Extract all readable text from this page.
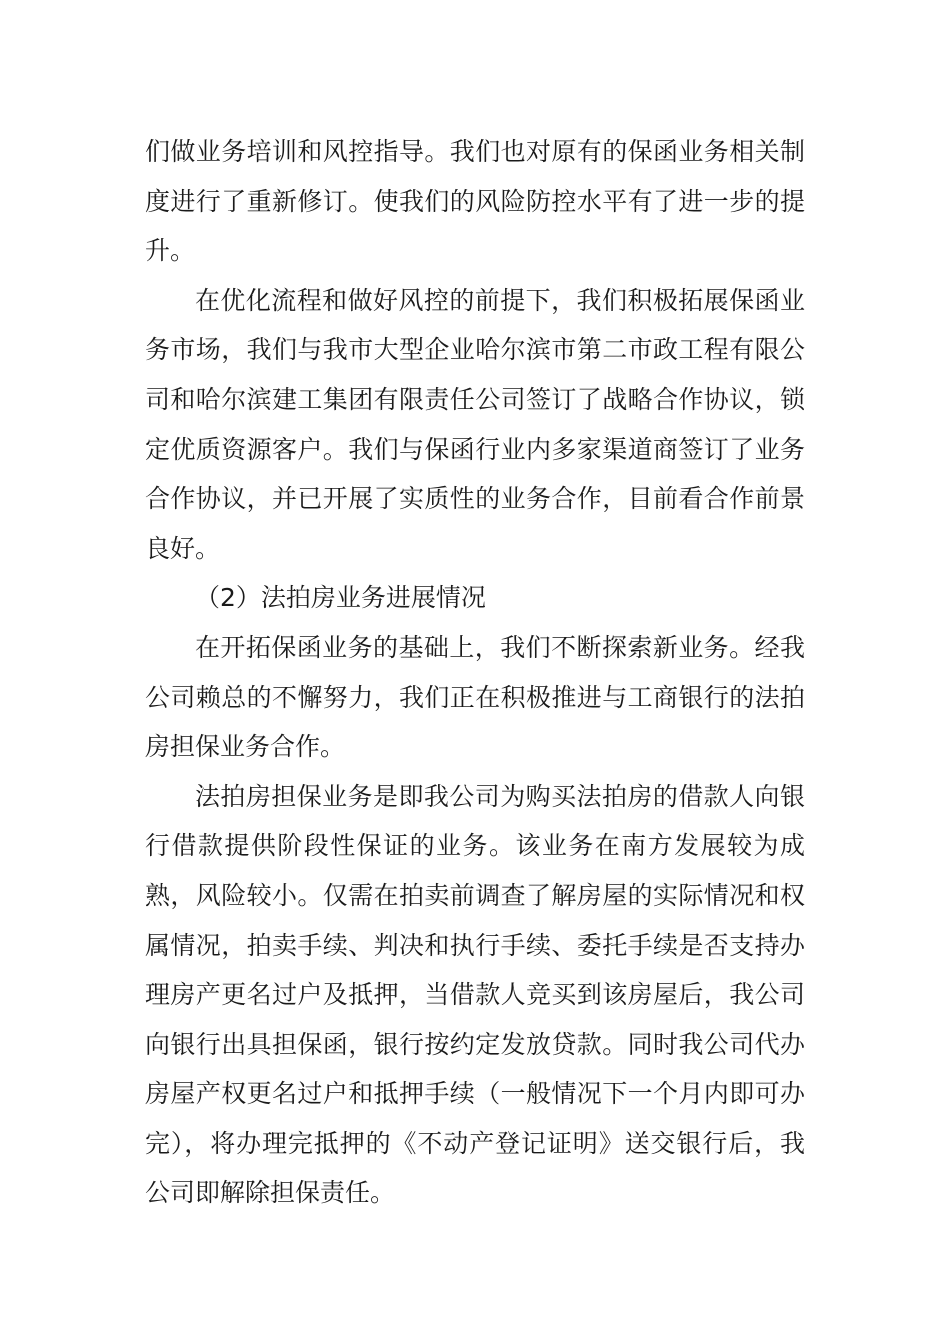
们做业务培训和风控指导。我们也对原有的保函业务相关制度进行了重新修订。使我们的风险防控水平有了进一步的提升。

在优化流程和做好风控的前提下，我们积极拓展保函业务市场，我们与我市大型企业哈尔滨市第二市政工程有限公司和哈尔滨建工集团有限责任公司签订了战略合作协议，锁定优质资源客户。我们与保函行业内多家渠道商签订了业务合作协议，并已开展了实质性的业务合作，目前看合作前景良好。

（2）法拍房业务进展情况

在开拓保函业务的基础上，我们不断探索新业务。经我公司赖总的不懈努力，我们正在积极推进与工商银行的法拍房担保业务合作。

法拍房担保业务是即我公司为购买法拍房的借款人向银行借款提供阶段性保证的业务。该业务在南方发展较为成熟，风险较小。仅需在拍卖前调查了解房屋的实际情况和权属情况，拍卖手续、判决和执行手续、委托手续是否支持办理房产更名过户及抵押，当借款人竞买到该房屋后，我公司向银行出具担保函，银行按约定发放贷款。同时我公司代办房屋产权更名过户和抵押手续（一般情况下一个月内即可办完），将办理完抵押的《不动产登记证明》送交银行后，我公司即解除担保责任。
